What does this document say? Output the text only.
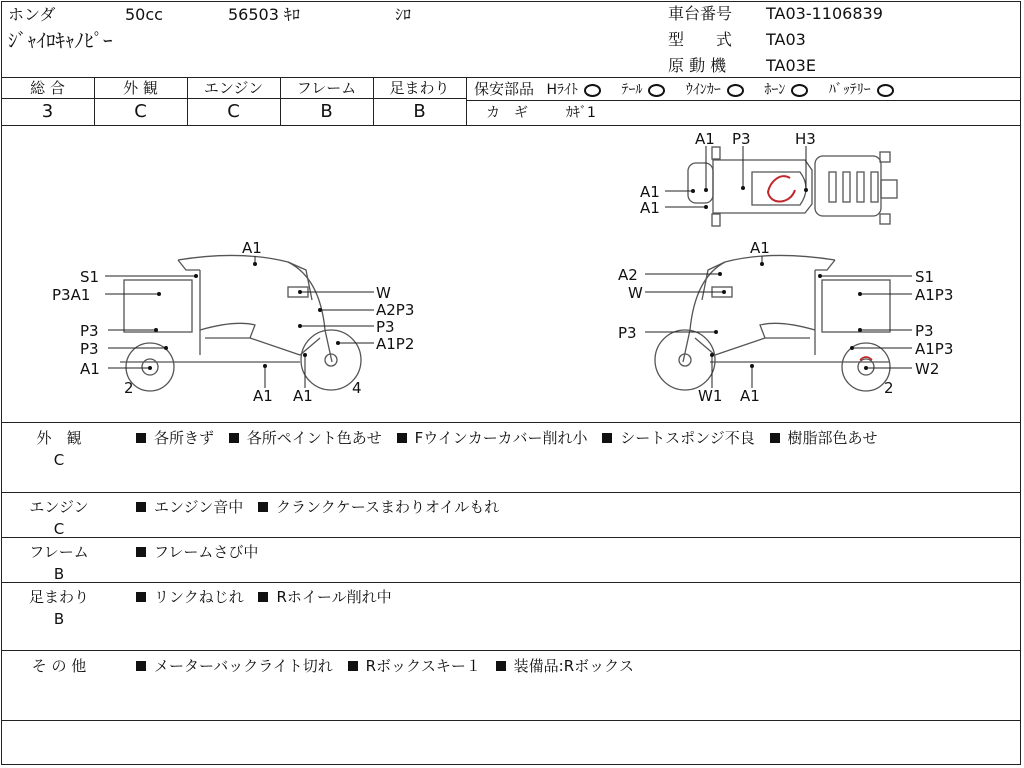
ホンダ	50cc	56503 ｷﾛ	ｼﾛ
ｼﾞｬｲﾛｷｬﾉﾋﾟｰ
車台番号 TA03-1106839
型　　式 TA03
原 動 機 TA03E
総 合	外 観	エンジン	フレーム	足まわり
3	C	C	B	B
保安部品 Hﾗｲﾄ	ﾃｰﾙ	ｳｲﾝｶｰ	ﾎｰﾝ	ﾊﾞｯﾃﾘｰ
カ　ギ	ｶｷﾞ1
A1 P3	H3
A1
A1
A1
S1
P3A1	W
A2P3
P3
P3
A1P2
P3
A1
2	A1 A1	4
A1
A2	S1
W	A1P3
P3	P3
A1P3
W2
2
W1 A1
外　観
C
各所きず 各所ペイント色あせ Fウインカーカバー削れ小 シートスポンジ不良 樹脂部色あせ
エンジン
C
エンジン音中 クランクケースまわりオイルもれ
フレーム
B
フレームさび中
足まわり
B
リンクねじれ Rホイール削れ中
そ の 他	メーターバックライト切れ Rボックスキー１ 装備品:Rボックス
